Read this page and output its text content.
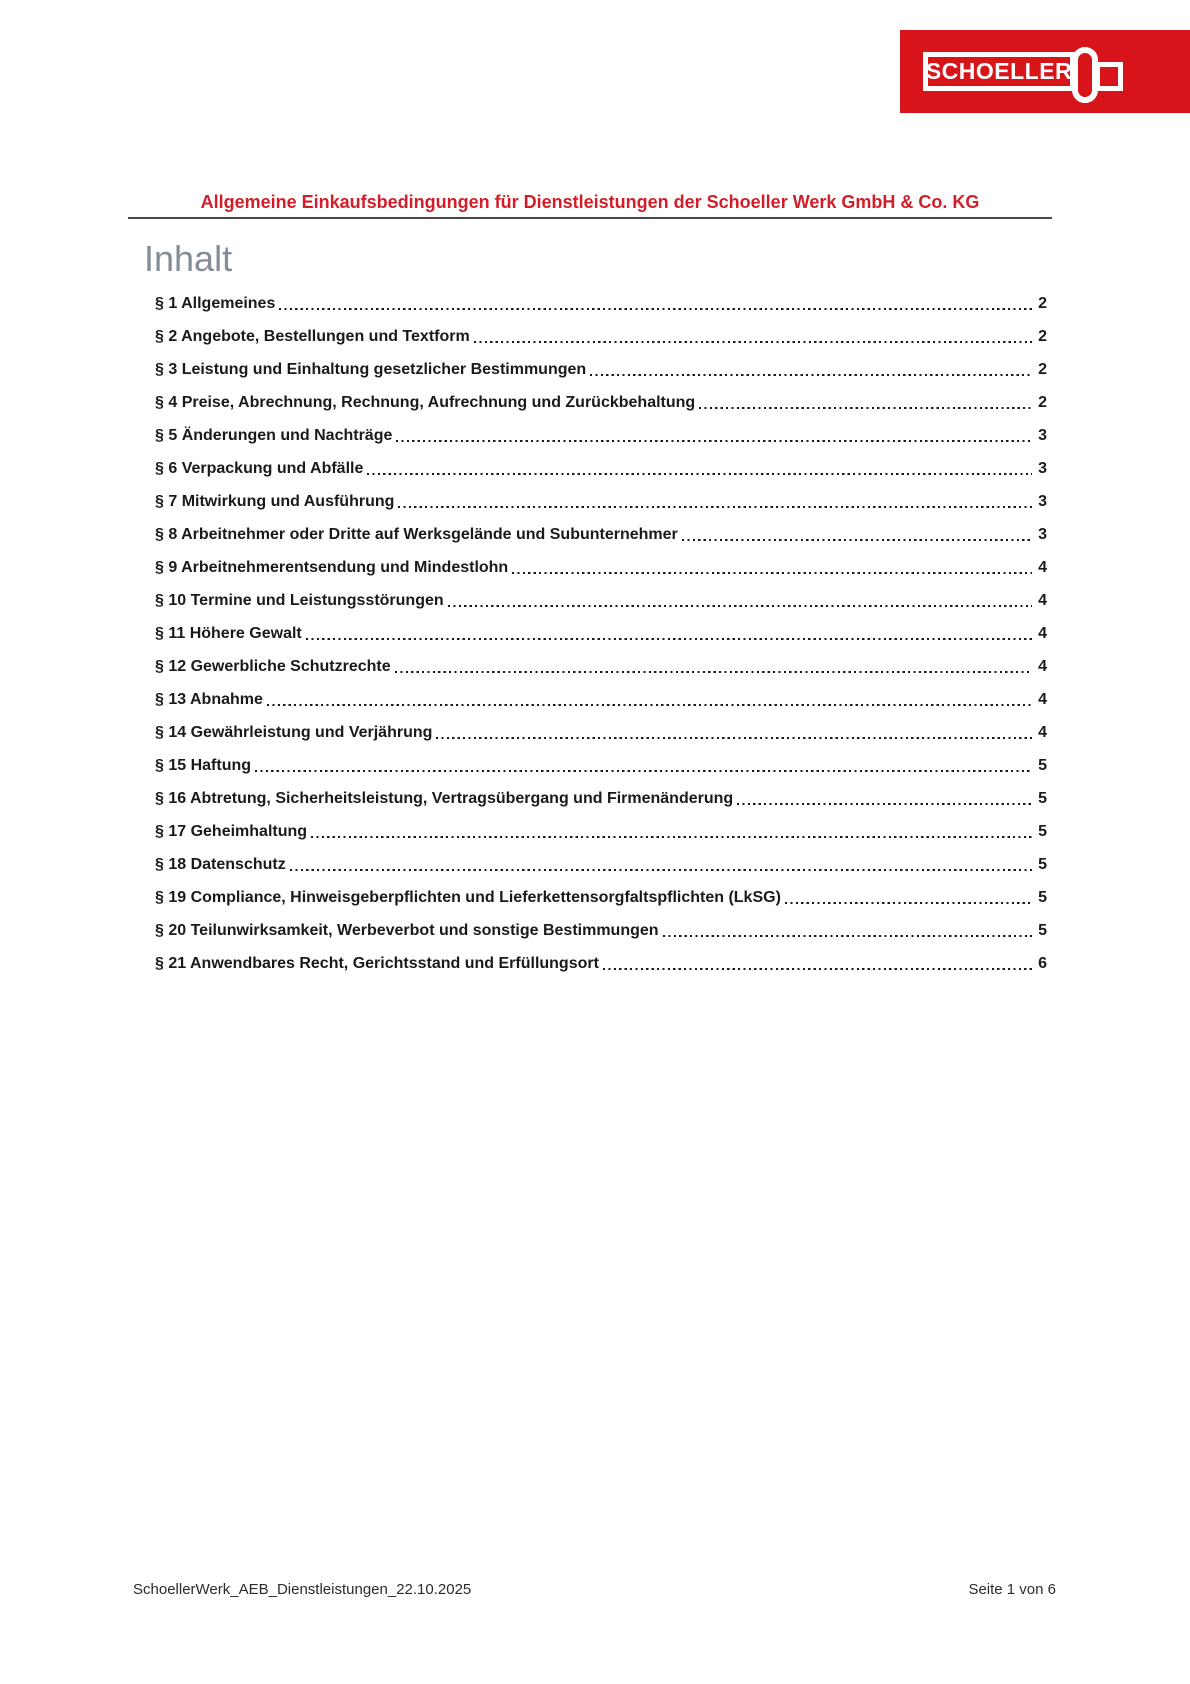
SCHOELLER
Allgemeine Einkaufsbedingungen für Dienstleistungen der Schoeller Werk GmbH & Co. KG
Inhalt
§ 1 Allgemeines	2
§ 2 Angebote, Bestellungen und Textform	2
§ 3 Leistung und Einhaltung gesetzlicher Bestimmungen	2
§ 4 Preise, Abrechnung, Rechnung, Aufrechnung und Zurückbehaltung	2
§ 5 Änderungen und Nachträge	3
§ 6 Verpackung und Abfälle	3
§ 7 Mitwirkung und Ausführung	3
§ 8 Arbeitnehmer oder Dritte auf Werksgelände und Subunternehmer	3
§ 9 Arbeitnehmerentsendung und Mindestlohn	4
§ 10 Termine und Leistungsstörungen	4
§ 11 Höhere Gewalt	4
§ 12 Gewerbliche Schutzrechte	4
§ 13 Abnahme	4
§ 14 Gewährleistung und Verjährung	4
§ 15 Haftung	5
§ 16 Abtretung, Sicherheitsleistung, Vertragsübergang und Firmenänderung	5
§ 17 Geheimhaltung	5
§ 18 Datenschutz	5
§ 19 Compliance, Hinweisgeberpflichten und Lieferkettensorgfaltspflichten (LkSG)	5
§ 20 Teilunwirksamkeit, Werbeverbot und sonstige Bestimmungen	5
§ 21 Anwendbares Recht, Gerichtsstand und Erfüllungsort	6
SchoellerWerk_AEB_Dienstleistungen_22.10.2025	Seite 1 von 6
